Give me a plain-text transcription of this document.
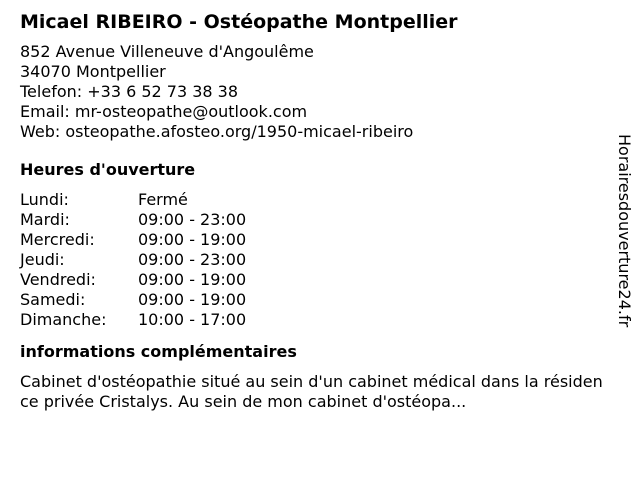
Micael RIBEIRO - Ostéopathe Montpellier
852 Avenue Villeneuve d'Angoulême
34070 Montpellier
Telefon: +33 6 52 73 38 38
Email: mr-osteopathe@outlook.com
Web: osteopathe.afosteo.org/1950-micael-ribeiro
Heures d'ouverture
Lundi:	Fermé
Mardi:	09:00 - 23:00
Mercredi:	09:00 - 19:00
Jeudi:	09:00 - 23:00
Vendredi:	09:00 - 19:00
Samedi:	09:00 - 19:00
Dimanche:	10:00 - 17:00
informations complémentaires
Cabinet d'ostéopathie situé au sein d'un cabinet médical dans la résidence privée Cristalys. Au sein de mon cabinet d'ostéopa...
Horairesdouverture24.fr
